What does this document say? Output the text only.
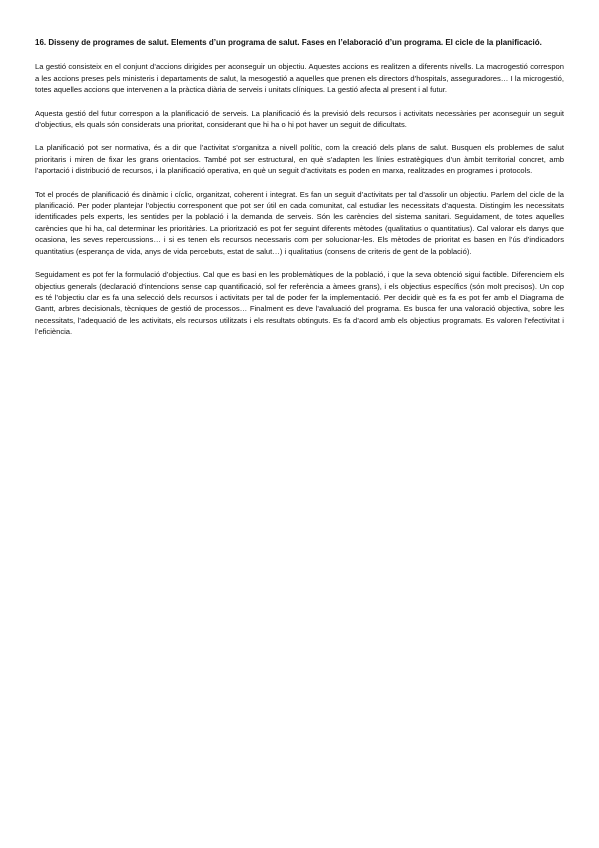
16. Disseny de programes de salut. Elements d’un programa de salut. Fases en l’elaboració d’un programa. El cicle de la planificació.

La gestió consisteix en el conjunt d’accions dirigides per aconseguir un objectiu. Aquestes accions es realitzen a diferents nivells. La macrogestió correspon a les accions preses pels ministeris i departaments de salut, la mesogestió a aquelles que prenen els directors d’hospitals, asseguradores… I la microgestió, totes aquelles accions que intervenen a la pràctica diària de serveis i unitats clíniques. La gestió afecta al present i al futur.

Aquesta gestió del futur correspon a la planificació de serveis. La planificació és la previsió dels recursos i activitats necessàries per aconseguir un seguit d’objectius, els quals són considerats una prioritat, considerant que hi ha o hi pot haver un seguit de dificultats.

La planificació pot ser normativa, és a dir que l’activitat s’organitza a nivell polític, com la creació dels plans de salut. Busquen els problemes de salut prioritaris i miren de fixar les grans orientacios. També pot ser estructural, en què s’adapten les línies estratègiques d’un àmbit territorial concret, amb l’aportació i distribució de recursos, i la planificació operativa, en què un seguit d’activitats es poden en marxa, realitzades en programes i protocols.

Tot el procés de planificació és dinàmic i cíclic, organitzat, coherent i integrat. Es fan un seguit d’activitats per tal d’assolir un objectiu. Parlem del cicle de la planificació. Per poder plantejar l’objectiu corresponent que pot ser útil en cada comunitat, cal estudiar les necessitats d’aquesta. Distingim les necessitats identificades pels experts, les sentides per la població i la demanda de serveis. Són les carències del sistema sanitari. Seguidament, de totes aquelles carències que hi ha, cal determinar les prioritàries. La priorització es pot fer seguint diferents mètodes (qualitatius o quantitatius). Cal valorar els danys que ocasiona, les seves repercussions… i si es tenen els recursos necessaris com per solucionar-les. Els mètodes de prioritat es basen en l’ús d’indicadors quantitatius (esperança de vida, anys de vida percebuts, estat de salut…) i qualitatius (consens de criteris de gent de la població).

Seguidament es pot fer la formulació d’objectius. Cal que es basi en les problemàtiques de la població, i que la seva obtenció sigui factible. Diferenciem els objectius generals (declaració d’intencions sense cap quantificació, sol fer referència a àmees grans), i els objectius específics (són molt precisos). Un cop es té l’objectiu clar es fa una selecció dels recursos i activitats per tal de poder fer la implementació. Per decidir què es fa es pot fer amb el Diagrama de Gantt, arbres decisionals, tècniques de gestió de processos… Finalment es deve l’avaluació del programa. Es busca fer una valoració objectiva, sobre les necessitats, l’adequació de les activitats, els recursos utilitzats i els resultats obtinguts. Es fa d’acord amb els objectius programats. Es valoren l’efectivitat i l’eficiència.
